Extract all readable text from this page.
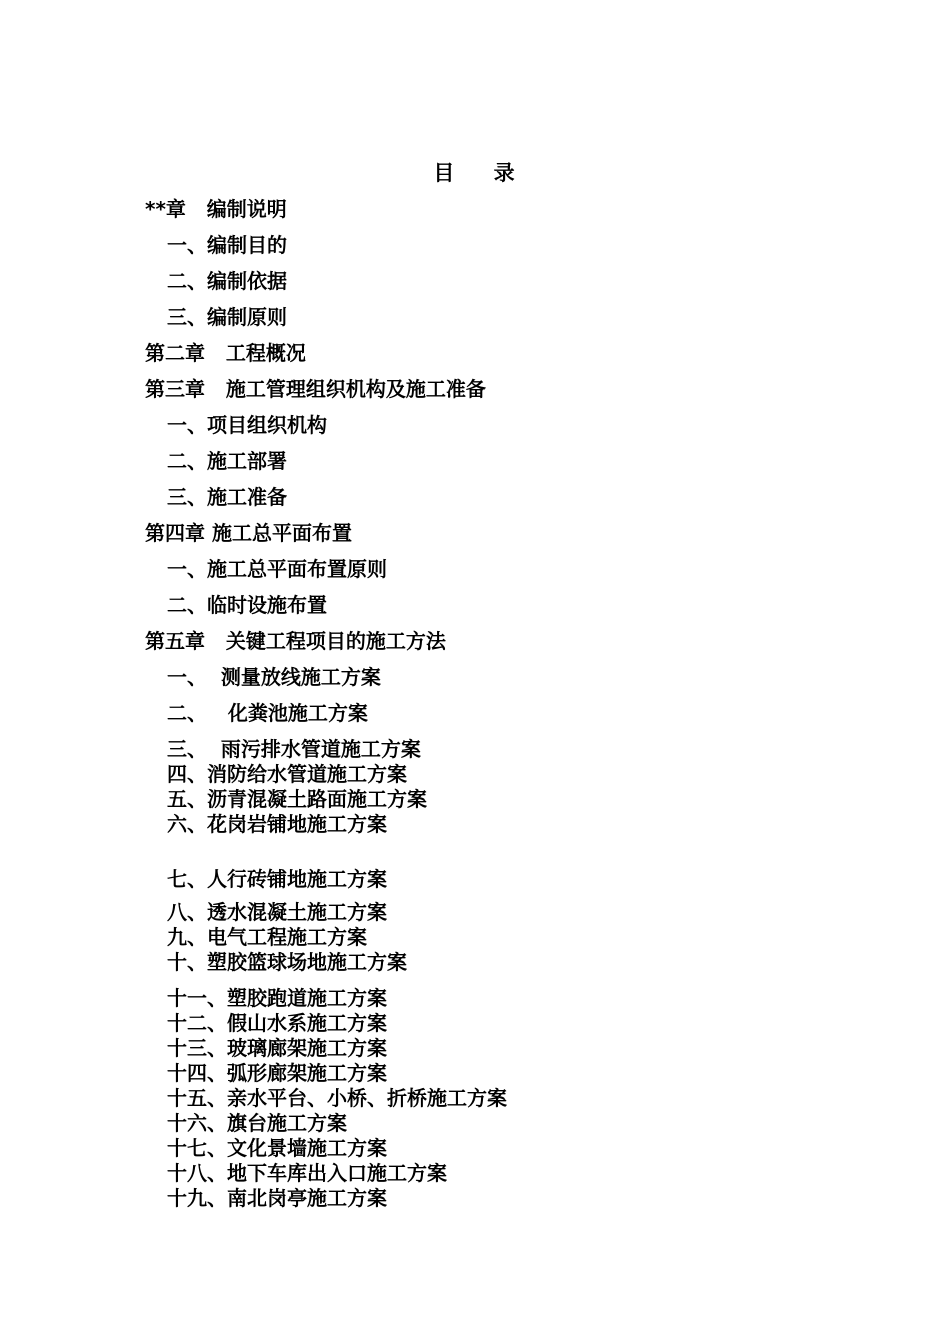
目    录
**章   编制说明
一、编制目的
二、编制依据
三、编制原则
第二章   工程概况
第三章   施工管理组织机构及施工准备
一、项目组织机构
二、施工部署
三、施工准备
第四章 施工总平面布置
一、施工总平面布置原则
二、临时设施布置
第五章   关键工程项目的施工方法
一、  测量放线施工方案
二、   化粪池施工方案
三、  雨污排水管道施工方案
四、消防给水管道施工方案
五、沥青混凝土路面施工方案
六、花岗岩铺地施工方案
七、人行砖铺地施工方案
八、透水混凝土施工方案
九、电气工程施工方案
十、塑胶篮球场地施工方案
十一、塑胶跑道施工方案
十二、假山水系施工方案
十三、玻璃廊架施工方案
十四、弧形廊架施工方案
十五、亲水平台、小桥、折桥施工方案
十六、旗台施工方案
十七、文化景墙施工方案
十八、地下车库出入口施工方案
十九、南北岗亭施工方案
